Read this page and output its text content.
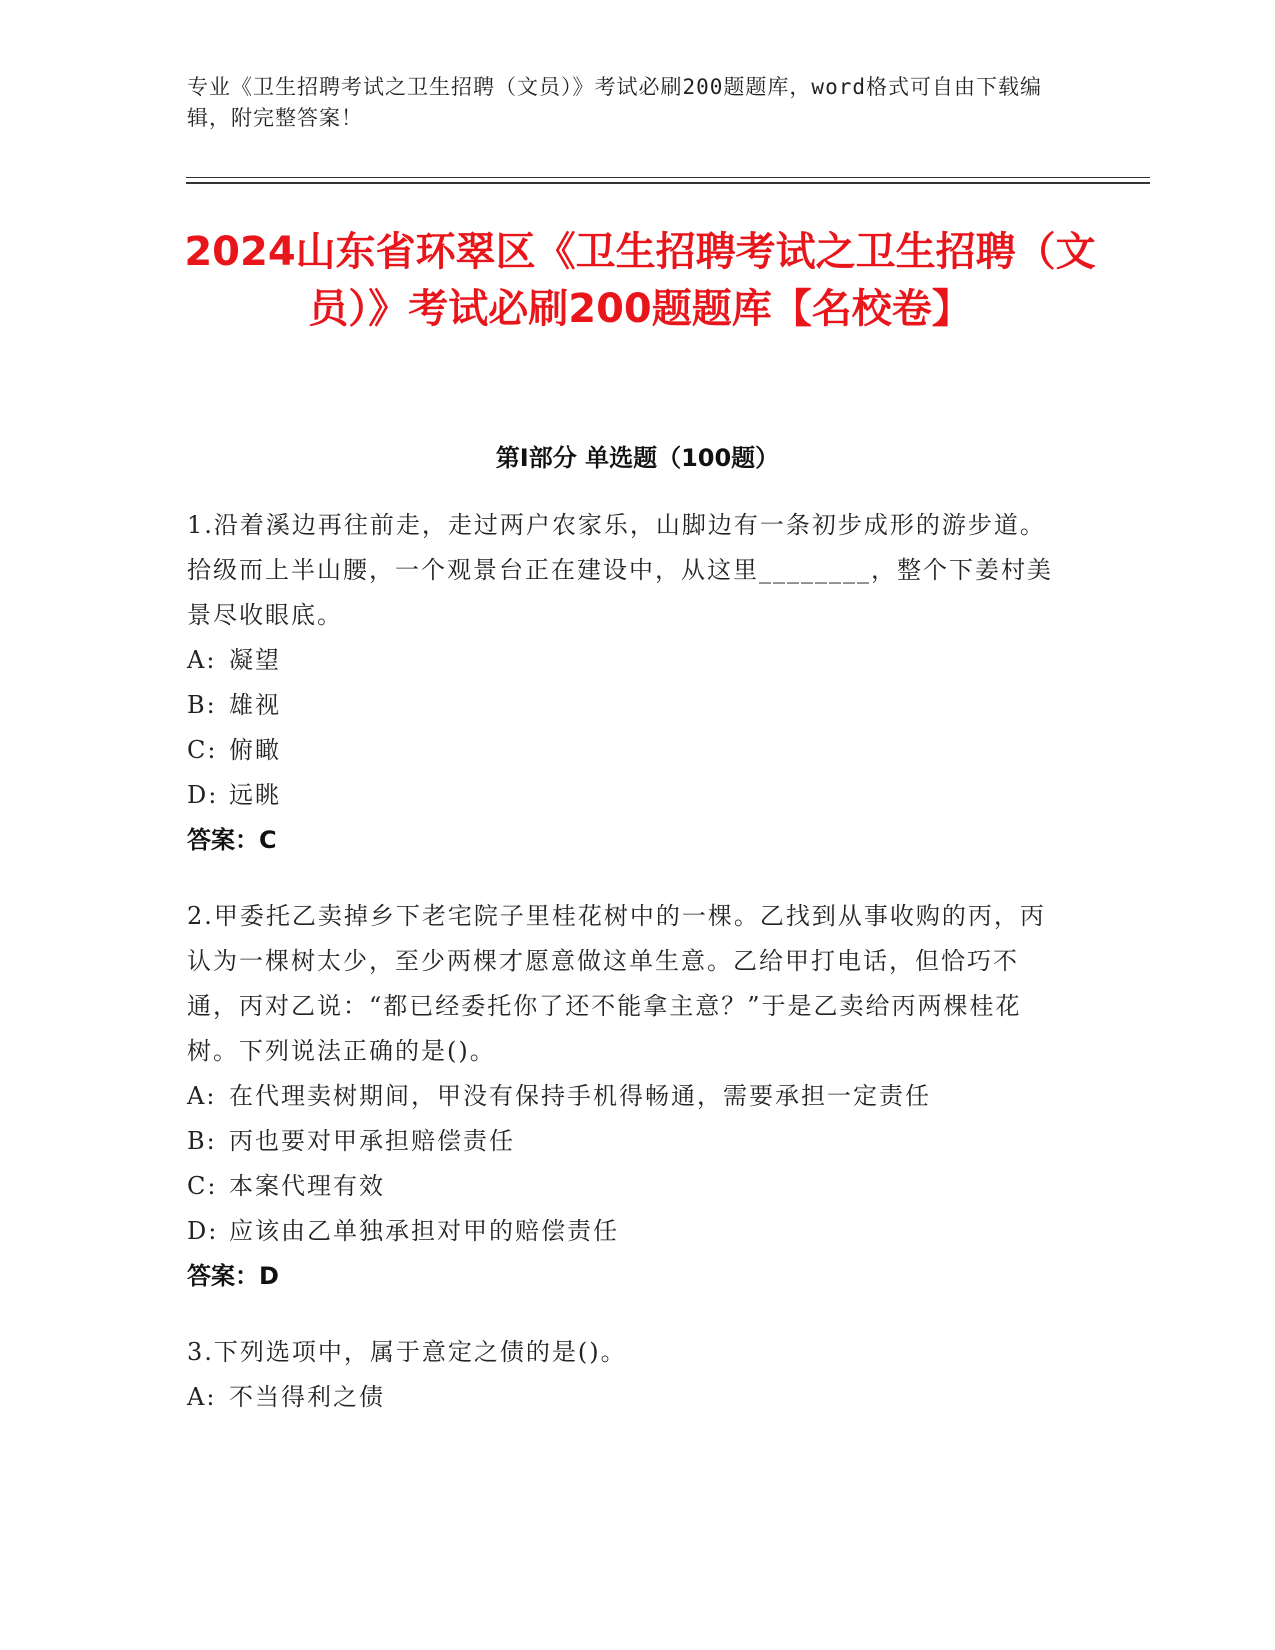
专业《卫生招聘考试之卫生招聘（文员）》考试必刷200题题库，word格式可自由下载编辑，附完整答案！
2024山东省环翠区《卫生招聘考试之卫生招聘（文员）》考试必刷200题题库【名校卷】
第Ⅰ部分 单选题（100题）

1.沿着溪边再往前走，走过两户农家乐，山脚边有一条初步成形的游步道。拾级而上半山腰，一个观景台正在建设中，从这里________，整个下姜村美景尽收眼底。

A: 凝望

B: 雄视

C: 俯瞰

D: 远眺

答案：C

2.甲委托乙卖掉乡下老宅院子里桂花树中的一棵。乙找到从事收购的丙，丙认为一棵树太少，至少两棵才愿意做这单生意。乙给甲打电话，但恰巧不通，丙对乙说：“都已经委托你了还不能拿主意？”于是乙卖给丙两棵桂花树。下列说法正确的是()。

A: 在代理卖树期间，甲没有保持手机得畅通，需要承担一定责任

B: 丙也要对甲承担赔偿责任

C: 本案代理有效

D: 应该由乙单独承担对甲的赔偿责任

答案：D

3.下列选项中，属于意定之债的是()。

A: 不当得利之债
